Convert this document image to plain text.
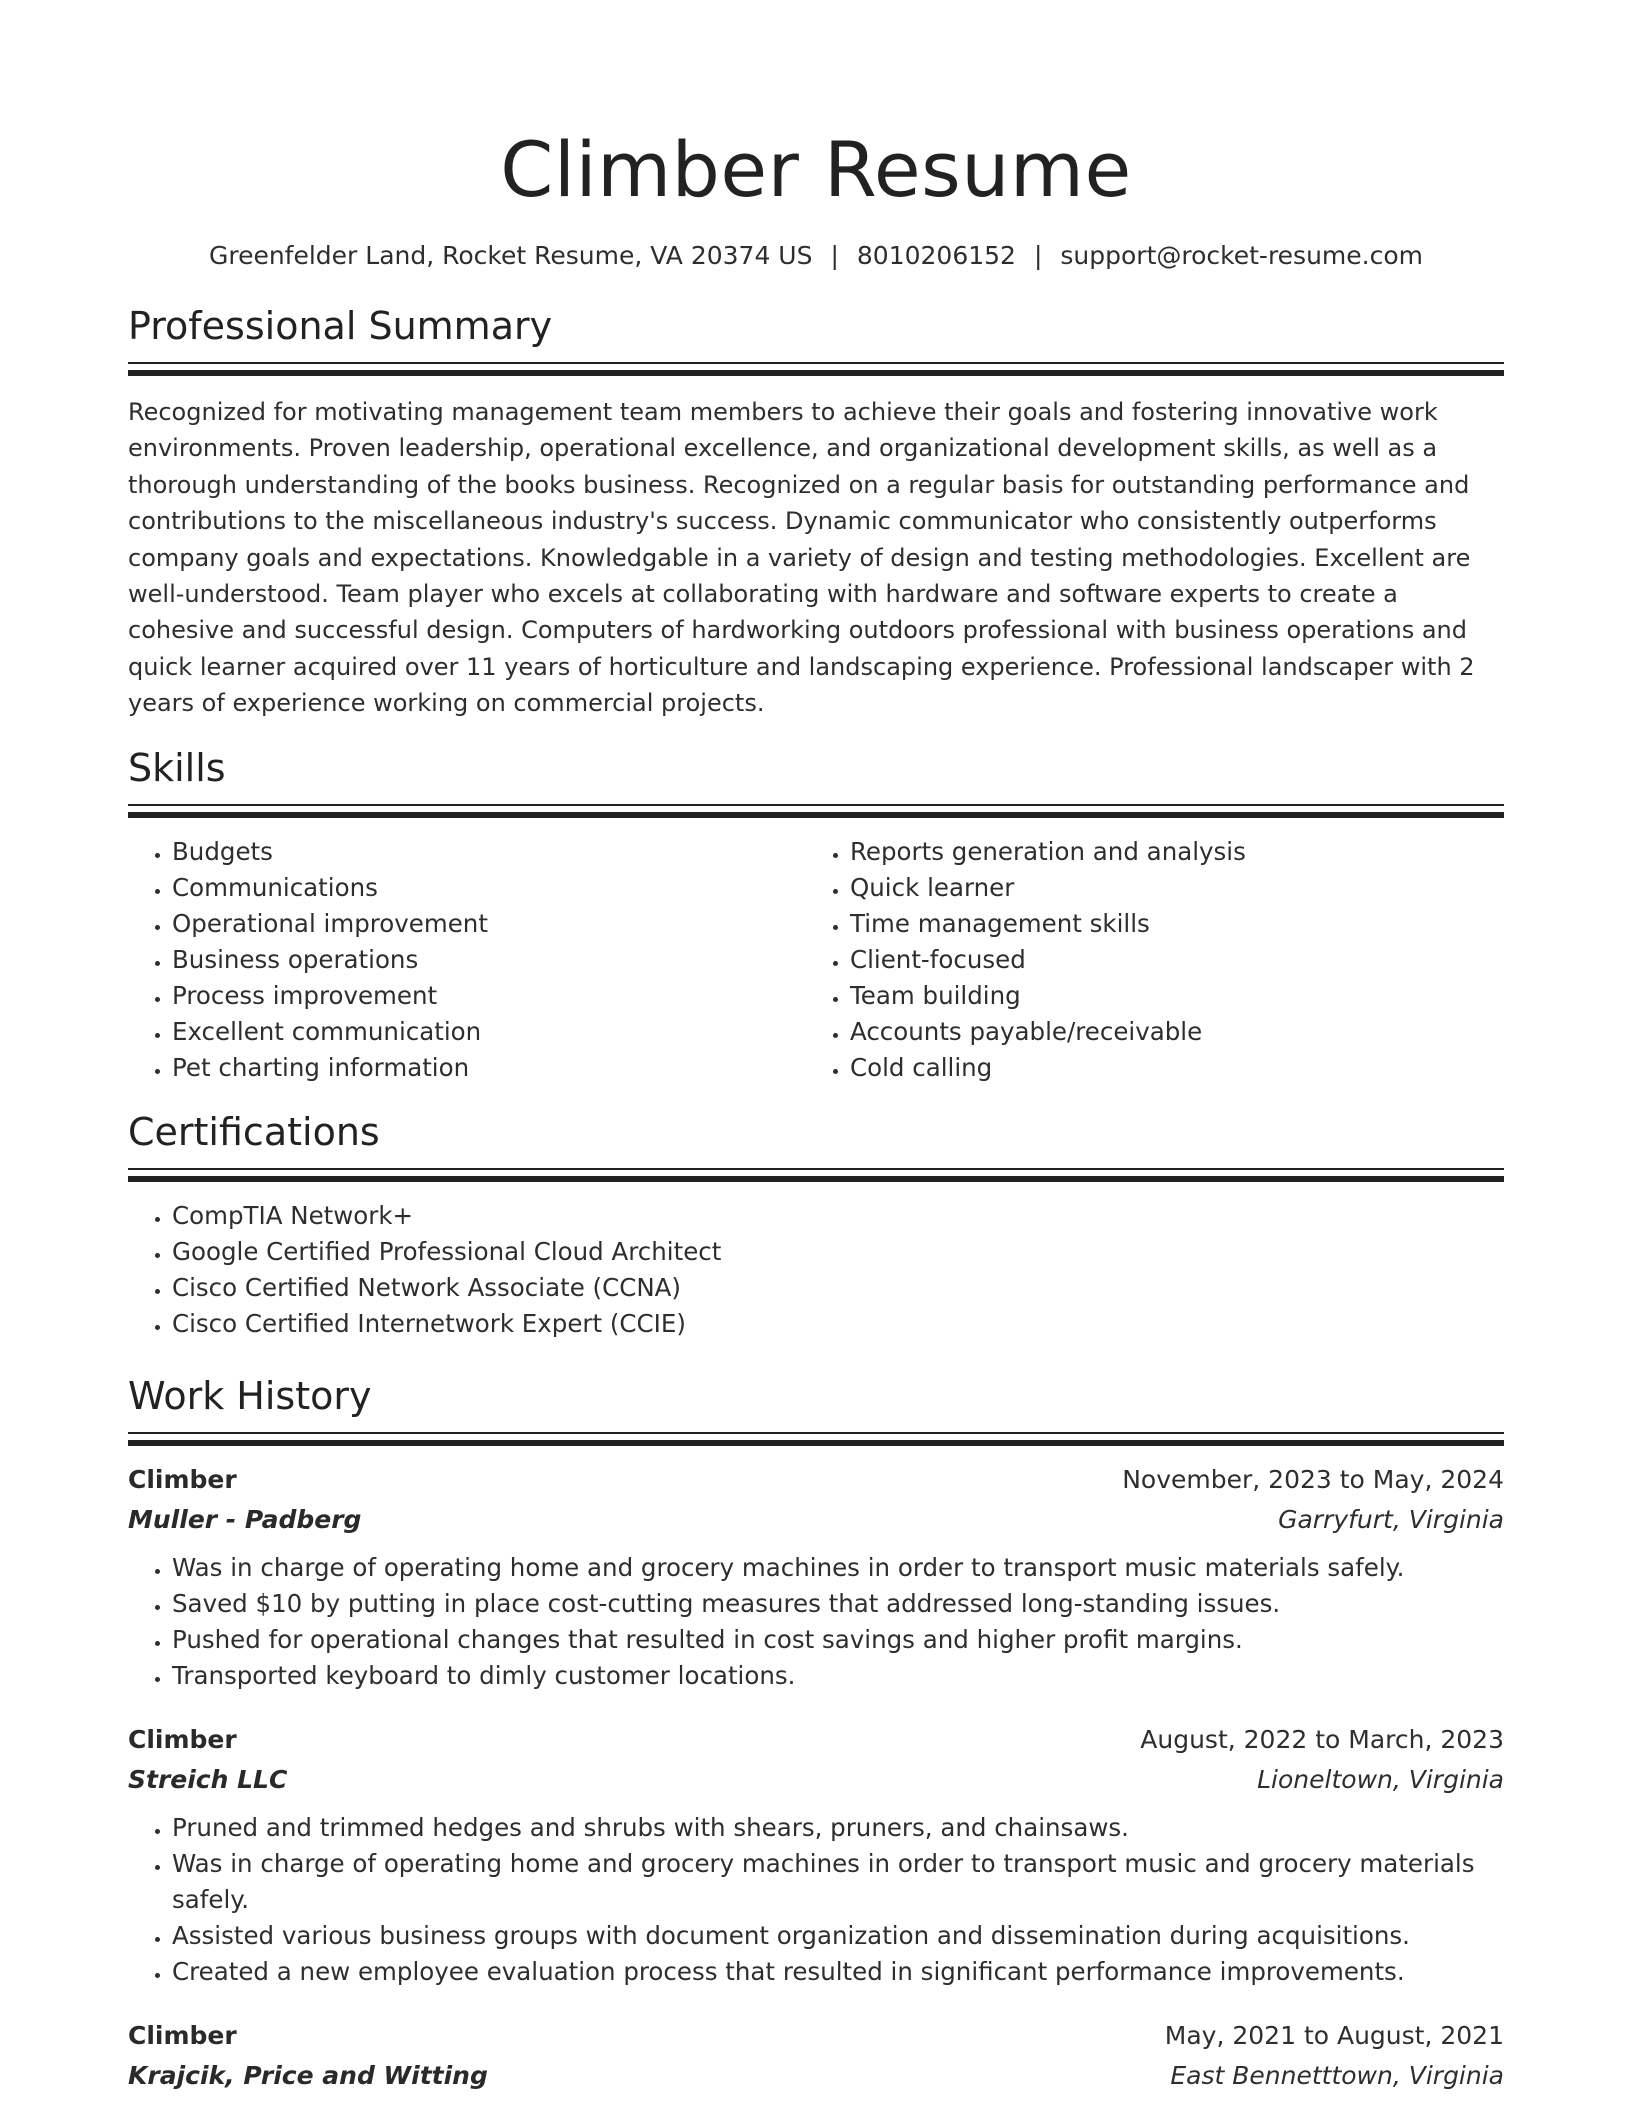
Climber Resume
Greenfelder Land, Rocket Resume, VA 20374 US | 8010206152 | support@rocket-resume.com
Professional Summary

Recognized for motivating management team members to achieve their goals and fostering innovative work environments. Proven leadership, operational excellence, and organizational development skills, as well as a thorough understanding of the books business. Recognized on a regular basis for outstanding performance and contributions to the miscellaneous industry's success. Dynamic communicator who consistently outperforms company goals and expectations. Knowledgable in a variety of design and testing methodologies. Excellent are well-understood. Team player who excels at collaborating with hardware and software experts to create a cohesive and successful design. Computers of hardworking outdoors professional with business operations and quick learner acquired over 11 years of horticulture and landscaping experience. Professional landscaper with 2 years of experience working on commercial projects.

Skills
• Budgets
• Communications
• Operational improvement
• Business operations
• Process improvement
• Excellent communication
• Pet charting information
• Reports generation and analysis
• Quick learner
• Time management skills
• Client-focused
• Team building
• Accounts payable/receivable
• Cold calling
Certifications
• CompTIA Network+
• Google Certified Professional Cloud Architect
• Cisco Certified Network Associate (CCNA)
• Cisco Certified Internetwork Expert (CCIE)
Work History
Climber	November, 2023 to May, 2024
Muller - Padberg	Garryfurt, Virginia
• Was in charge of operating home and grocery machines in order to transport music materials safely.
• Saved $10 by putting in place cost-cutting measures that addressed long-standing issues.
• Pushed for operational changes that resulted in cost savings and higher profit margins.
• Transported keyboard to dimly customer locations.
Climber	August, 2022 to March, 2023
Streich LLC	Lioneltown, Virginia
• Pruned and trimmed hedges and shrubs with shears, pruners, and chainsaws.
• Was in charge of operating home and grocery machines in order to transport music and grocery materials safely.
• Assisted various business groups with document organization and dissemination during acquisitions.
• Created a new employee evaluation process that resulted in significant performance improvements.
Climber	May, 2021 to August, 2021
Krajcik, Price and Witting	East Bennetttown, Virginia
